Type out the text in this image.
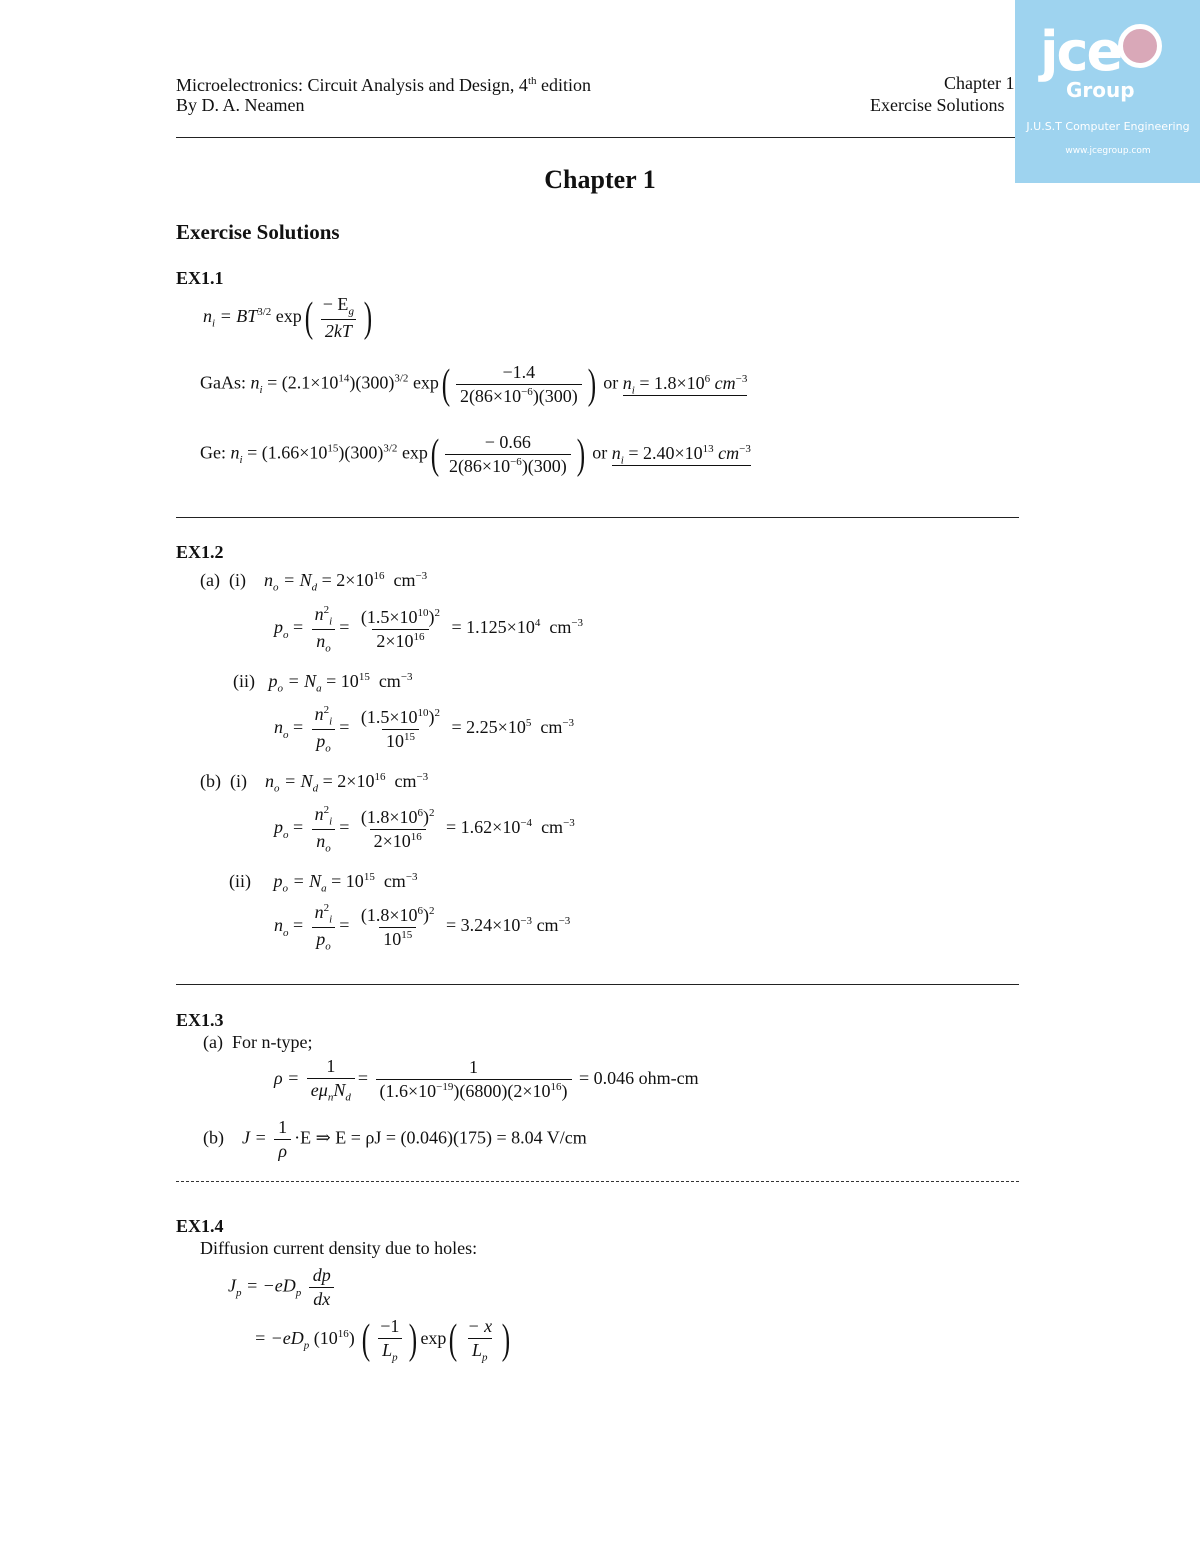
Microelectronics: Circuit Analysis and Design, 4th edition
By D. A. Neamen
Chapter 1
Exercise Solutions
jce
Group
J.U.S.T Computer Engineering
www.jcegroup.com
Chapter 1
Exercise Solutions
EX1.1
$n_i = BT^{3/2}$ $\exp( \frac{- E_g}{2kT}$ )
GaAs: $n_i = (2.1\times 10^{14})(300)^{3/2}$ $\exp( \frac{-1.4}{2(86\times 10^{-6})(300)}$ ) or $n_i = 1.8\times 10^6$ $cm^{-3}$
Ge: $n_i = (1.66\times 10^{15})(300)^{3/2}$ $\exp( \frac{- 0.66}{2(86\times 10^{-6})(300)}$ ) or $n_i = 2.40\times 10^{13}$ $cm^{-3}$
EX1.2
(a) (i) $n_o = N_d = 2\times 10^{16}$ $cm^{-3}$
$p_o = \frac{n^2_i}{n_o} = \frac{(1.5\times 10^{10})^2}{2\times 10^{16}} = 1.125\times 10^4$ $cm^{-3}$
(ii) $p_o = N_a = 10^{15}$ $cm^{-3}$
$n_o = \frac{n^2_i}{p_o} = \frac{(1.5\times 10^{10})^2}{10^{15}} = 2.25\times 10^5$ $cm^{-3}$
(b) (i) $n_o = N_d = 2\times 10^{16}$ $cm^{-3}$
$p_o = \frac{n^2_i}{n_o} = \frac{(1.8\times 10^6)^2}{2\times 10^{16}} = 1.62\times 10^{-4}$ $cm^{-3}$
(ii) $p_o = N_a = 10^{15}$ $cm^{-3}$
$n_o = \frac{n^2_i}{p_o} = \frac{(1.8\times 10^6)^2}{10^{15}} = 3.24\times 10^{-3}$ $cm^{-3}$
EX1.3
(a) For n-type;
$\rho = \frac{1}{e\mu_nN_d} = \frac{1}{(1.6\times 10^{-19})(6800)(2\times 10^{16})} = 0.046$ ohm-cm
(b) $J = \frac{1}{\rho} \cdot E$ ⇒ E = ρJ = (0.046)(175) = 8.04 V/cm
EX1.4
Diffusion current density due to holes:
$J_p = -eD_p \frac{dp}{dx}$
= $-eD_p$ $(10^{16})$ ( $\frac{-1}{L_p}$ ) $\exp( \frac{- x}{L_p}$ )
